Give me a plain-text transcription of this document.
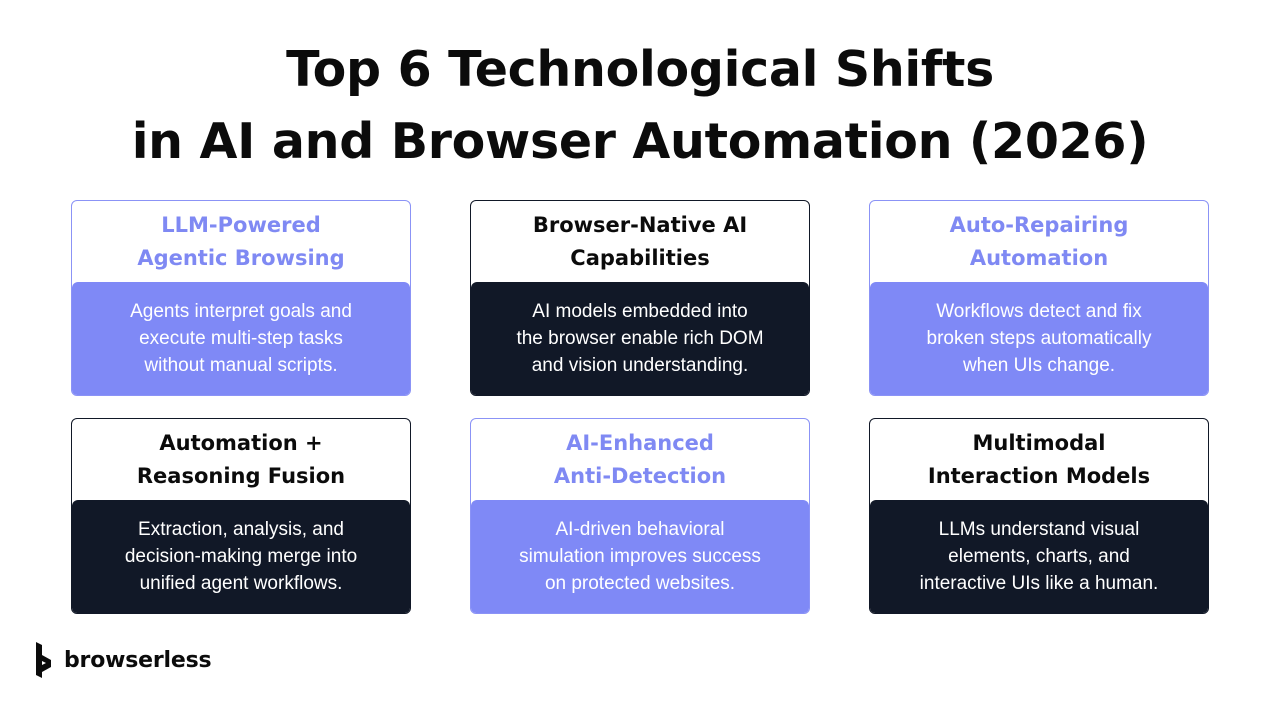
Top 6 Technological Shifts
in AI and Browser Automation (2026)
LLM-Powered
Agentic Browsing
Agents interpret goals and
execute multi-step tasks
without manual scripts.
Browser-Native AI
Capabilities
AI models embedded into
the browser enable rich DOM
and vision understanding.
Auto-Repairing
Automation
Workflows detect and fix
broken steps automatically
when UIs change.
Automation +
Reasoning Fusion
Extraction, analysis, and
decision-making merge into
unified agent workflows.
AI-Enhanced
Anti-Detection
AI-driven behavioral
simulation improves success
on protected websites.
Multimodal
Interaction Models
LLMs understand visual
elements, charts, and
interactive UIs like a human.
browserless
